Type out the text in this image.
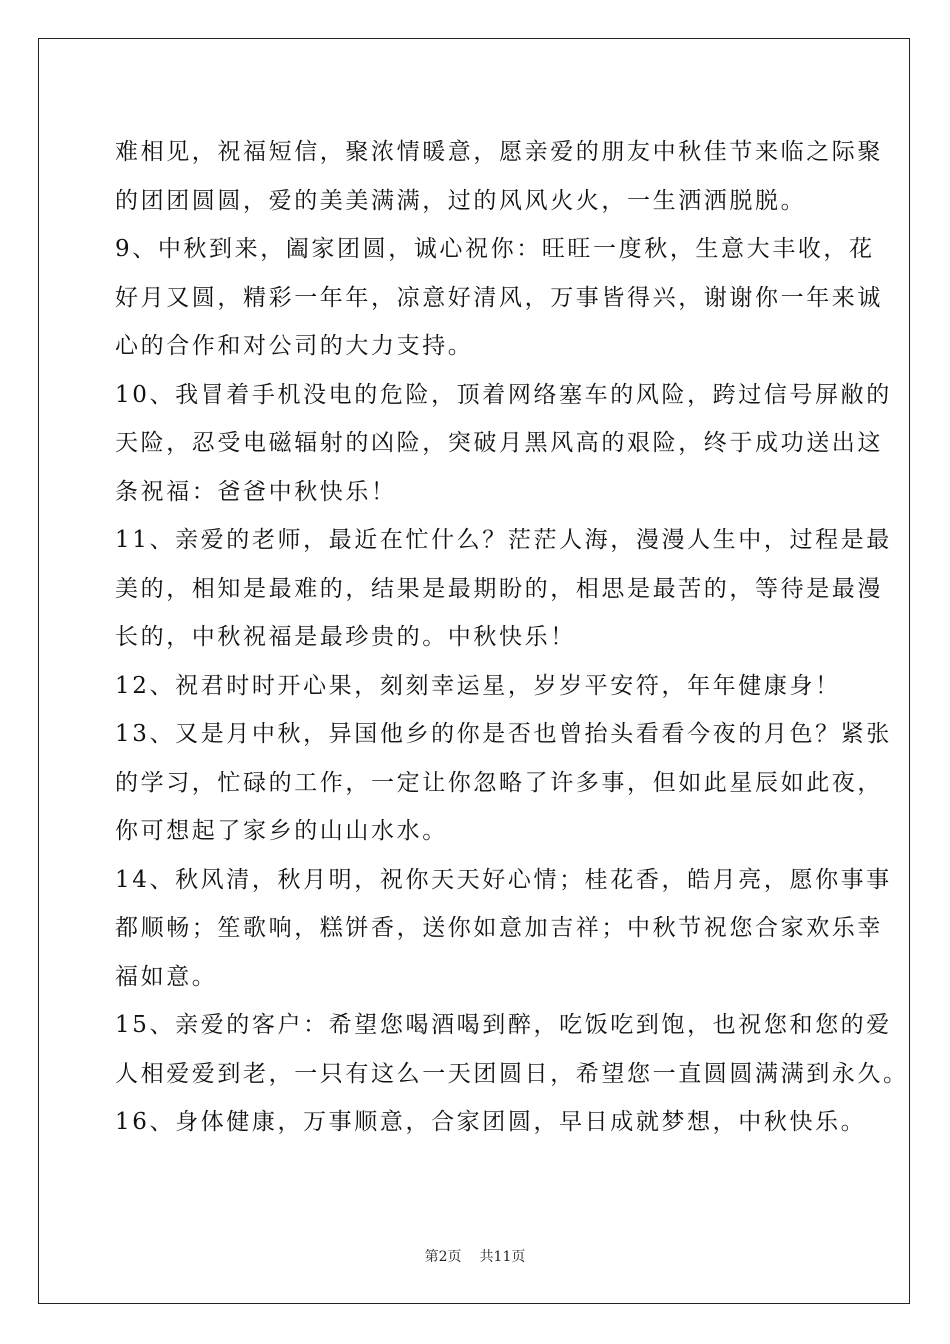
难相见，祝福短信，聚浓情暖意，愿亲爱的朋友中秋佳节来临之际聚
的团团圆圆，爱的美美满满，过的风风火火，一生洒洒脱脱。
9、中秋到来，阖家团圆，诚心祝你：旺旺一度秋，生意大丰收，花
好月又圆，精彩一年年，凉意好清风，万事皆得兴，谢谢你一年来诚
心的合作和对公司的大力支持。
10、我冒着手机没电的危险，顶着网络塞车的风险，跨过信号屏敝的
天险，忍受电磁辐射的凶险，突破月黑风高的艰险，终于成功送出这
条祝福：爸爸中秋快乐！
11、亲爱的老师，最近在忙什么？茫茫人海，漫漫人生中，过程是最
美的，相知是最难的，结果是最期盼的，相思是最苦的，等待是最漫
长的，中秋祝福是最珍贵的。中秋快乐！
12、祝君时时开心果，刻刻幸运星，岁岁平安符，年年健康身！
13、又是月中秋，异国他乡的你是否也曾抬头看看今夜的月色？紧张
的学习，忙碌的工作，一定让你忽略了许多事，但如此星辰如此夜，
你可想起了家乡的山山水水。
14、秋风清，秋月明，祝你天天好心情；桂花香，皓月亮，愿你事事
都顺畅；笙歌响，糕饼香，送你如意加吉祥；中秋节祝您合家欢乐幸
福如意。
15、亲爱的客户：希望您喝酒喝到醉，吃饭吃到饱，也祝您和您的爱
人相爱爱到老，一只有这么一天团圆日，希望您一直圆圆满满到永久。
16、身体健康，万事顺意，合家团圆，早日成就梦想，中秋快乐。
第2页 共11页
